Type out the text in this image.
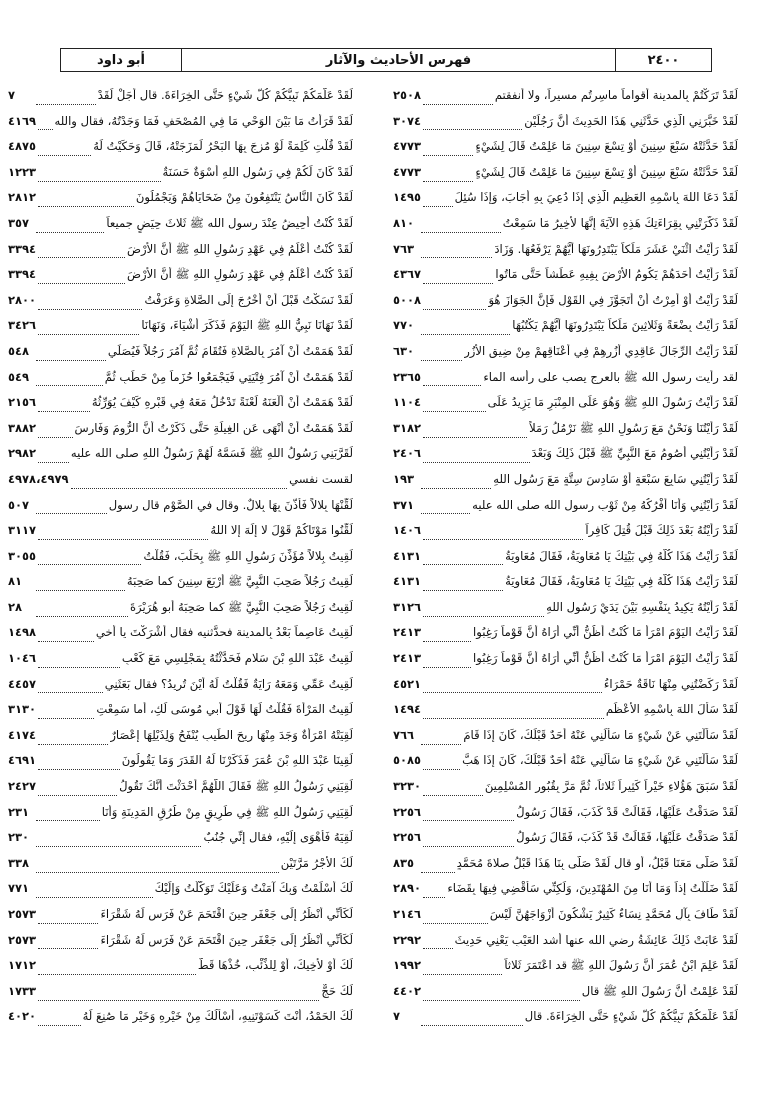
٢٤٠٠
فهرس الأحاديث والآثار
أبو داود
لَقَدْ تَرَكْتُمْ بِالمدينة أقواماً ماسِرتُم مسيراً، ولا أنفقتم
٢٥٠٨
لَقَدْ خَبَّرَنِي الَّذِي حَدَّثَنِي هَذَا الحَدِيثَ أَنَّ رَجُلَيْنِ
٣٠٧٤
لَقَدْ حَدَّثَتْهُ سَبْعَ سِنِينَ أَوْ تِسْعَ سِنِينَ مَا عَلِمْتُ قَالَ لِشَيْءٍ
٤٧٧٣
لَقَدْ حَدَّثَتْهُ سَبْعَ سِنِينَ أَوْ تِسْعَ سِنِينَ مَا عَلِمْتُ قَالَ لِشَيْءٍ
٤٧٧٣
لَقَدْ دَعَا اللهَ بِاسْمِهِ العَظِيمِ الَّذِي إِذَا دُعِيَ بِهِ أَجَابَ، وَإِذَا سُئِلَ
١٤٩٥
لَقَدْ ذَكَّرَتْنِي بِقِرَاءَتِكَ هَذِهِ الآيَةَ إِنَّهَا لأَخِيرُ مَا سَمِعْتُ
٨١٠
لَقَدْ رَأَيْتُ اثْنَيْ عَشَرَ مَلَكاً يَبْتَدِرُونَهَا أَيُّهُمْ يَرْفَعُهَا. وَزَادَ
٧٦٣
لَقَدْ رَأَيْتُ أَحَدَهُمْ يَكُومُ الأَرْضَ بِفِيهِ عَطَشاً حَتَّى مَاتُوا
٤٣٦٧
لَقَدْ رَأَيْتُ أَوْ أُمِرْتُ أَنْ أَتَجَوَّزَ فِي القَوْلِ فَإِنَّ الجَوَازَ هُوَ
٥٠٠٨
لَقَدْ رَأَيْتُ بِضْعَةً وَثَلاثِينَ مَلَكاً يَبْتَدِرُونَهَا أَيُّهُمْ يَكْتُبُهَا
٧٧٠
لَقَدْ رَأَيْتُ الرِّجَالَ عَاقِدِي أُزُرِهِمْ فِي أَعْنَاقِهِمْ مِنْ ضِيقِ الأُزُرِ
٦٣٠
لقد رأيت رسول الله ﷺ بالعرج يصب على رأسه الماء
٢٣٦٥
لَقَدْ رَأَيْتُ رَسُولَ اللهِ ﷺ وَهُوَ عَلَى المِنْبَرِ مَا يَزِيدُ عَلَى
١١٠٤
لَقَدْ رَأَيْتُنَا وَنَحْنُ مَعَ رَسُولِ اللهِ ﷺ نَرْمُلُ رَمَلاً
٣١٨٢
لَقَدْ رَأَيْتُنِي أَصُومُ مَعَ النَّبِيِّ ﷺ قَبْلَ ذَلِكَ وَبَعْدَ
٢٤٠٦
لَقَدْ رَأَيْتُنِي سَابِعَ سَبْعَةٍ أَوْ سَادِسَ سِتَّةٍ مَعَ رَسُولِ اللهِ
١٩٣
لَقَدْ رَأَيْتُنِي وَأَنَا أَفْرُكُهُ مِنْ ثَوْبِ رسول الله صلى الله عليه
٣٧١
لَقَدْ رَأَيْتُهُ بَعْدَ ذَلِكَ قَبْلَ قُتِلَ كَافِراً
١٤٠٦
لَقَدْ رَأَيْتُ هَذَا كُلَّهُ فِي بَيْتِكَ يَا مُعَاوِيَةُ، فَقَالَ مُعَاوِيَةُ
٤١٣١
لَقَدْ رَأَيْتُ هَذَا كُلَّهُ فِي بَيْتِكَ يَا مُعَاوِيَةُ، فَقَالَ مُعَاوِيَةُ
٤١٣١
لَقَدْ رَأَيْتُهُ يَكِيدُ بِنَفْسِهِ بَيْنَ يَدَيْ رَسُولِ اللهِ
٣١٢٦
لَقَدْ رَأَيْتُ اليَوْمَ امْرَأً مَا كُنْتُ أَظُنُّ أَنِّي أَرَاهُ أَنَّ قَوْماً رَغِبُوا
٢٤١٣
لَقَدْ رَأَيْتُ اليَوْمَ امْرَأً مَا كُنْتُ أَظُنُّ أَنِّي أَرَاهُ أَنَّ قَوْماً رَغِبُوا
٢٤١٣
لَقَدْ رَكَضْتُنِي مِنْهَا نَاقَةٌ حَمْرَاءُ
٤٥٢١
لَقَدْ سَأَلَ اللهَ بِاسْمِهِ الأَعْظَمِ
١٤٩٤
لَقَدْ سَأَلْتَنِي عَنْ شَيْءٍ مَا سَأَلَنِي عَنْهُ أَحَدٌ قَبْلَكَ، كَانَ إِذَا قَامَ
٧٦٦
لَقَدْ سَأَلْتَنِي عَنْ شَيْءٍ مَا سَأَلَنِي عَنْهُ أَحَدٌ قَبْلَكَ، كَانَ إِذَا هَبَّ
٥٠٨٥
لَقَدْ سَبَقَ هَؤُلاءِ خَيْراً كَثِيراً ثَلاثاً، ثُمَّ مَرَّ بِقُبُورِ المُسْلِمِينَ
٣٢٣٠
لَقَدْ صَدَقْتُ عَلَيْهَا، فَقَالَتْ قَدْ كَذَبَ، فَقَالَ رَسُولُ
٢٢٥٦
لَقَدْ صَدَقْتُ عَلَيْهَا، فَقَالَتْ قَدْ كَذَبَ، فَقَالَ رَسُولُ
٢٢٥٦
لَقَدْ صَلَّى مَعَنَا قَبْلُ، أو قال لَقَدْ صَلَّى بِنَا هَذَا قَبْلُ صلاةَ مُحَمَّدٍ
٨٣٥
لَقَدْ ضَلَلْتُ إِذاً وَمَا أَنَا مِنَ المُهْتَدِينَ، وَلَكِنِّي سَأَقْضِي فِيهَا بِقَضَاء
٢٨٩٠
لَقَدْ طَافَ بِآلِ مُحَمَّدٍ نِسَاءٌ كَثِيرٌ يَشْكُونَ أَزْوَاجَهُنَّ لَيْسَ
٢١٤٦
لَقَدْ عَابَتْ ذَلِكَ عَائِشَةُ رضي الله عنها أشد العَيْبِ يَعْنِي حَدِيثَ
٢٢٩٢
لَقَدْ عَلِمَ ابْنُ عُمَرَ أَنَّ رَسُولَ اللهِ ﷺ قد اعْتَمَرَ ثَلاثاً
١٩٩٢
لَقَدْ عَلِمْتُ أَنَّ رَسُولَ اللهِ ﷺ قال
٤٤٠٢
لَقَدْ عَلَّمَكُمْ نَبِيُّكُمْ كُلَّ شَيْءٍ حَتَّى الخِرَاءَةَ. قال
٧
لَقَدْ عَلَّمَكُمْ نَبِيُّكُمْ كُلَّ شَيْءٍ حَتَّى الخِرَاءَةَ. قال أَجَلْ لَقَدْ
٧
لَقَدْ قَرَأْتُ مَا بَيْنَ الوَحْيِ مَا فِي المُصْحَفِ فَمَا وَجَدْتُهُ، فقال والله
٤١٦٩
لَقَدْ قُلْتِ كَلِمَةً لَوْ مُزِجَ بِهَا البَحْرُ لَمَزَجَتْهُ، قَالَ وَحَكَيْتُ لَهُ
٤٨٧٥
لَقَدْ كَانَ لَكُمْ فِي رَسُولِ اللهِ أُسْوَةٌ حَسَنَةٌ
١٢٢٣
لَقَدْ كَانَ النَّاسُ يَنْتَفِعُونَ مِنْ ضَحَايَاهُمْ وَيَجْمُلُونَ
٢٨١٢
لَقَدْ كُنْتُ أَحِيضُ عِنْدَ رسول الله ﷺ ثَلاثَ حِيَضٍ جميعاً
٣٥٧
لَقَدْ كُنْتُ أَعْلَمُ فِي عَهْدِ رَسُولِ اللهِ ﷺ أَنَّ الأَرْضَ
٣٣٩٤
لَقَدْ كُنْتُ أَعْلَمُ فِي عَهْدِ رَسُولِ اللهِ ﷺ أَنَّ الأَرْضَ
٣٣٩٤
لَقَدْ نَسَكْتُ قَبْلَ أَنْ أَخْرُجَ إِلَى الصَّلاةِ وَعَرَفْتُ
٢٨٠٠
لَقَدْ نَهَانَا نَبِيُّ اللهِ ﷺ اليَوْمَ فَذَكَرَ أَشْيَاءَ، وَنَهَانَا
٣٤٢٦
لَقَدْ هَمَمْتُ أَنْ آمُرَ بِالصَّلاةِ فَتُقَامَ ثُمَّ آمُرَ رَجُلاً فَيُصَلِّي
٥٤٨
لَقَدْ هَمَمْتُ أَنْ آمُرَ فِتْيَتِي فَيَجْمَعُوا حُزَماً مِنْ حَطَبٍ ثُمَّ
٥٤٩
لَقَدْ هَمَمْتُ أَنْ أَلْعَنَهُ لَعْنَةً تَدْخُلُ مَعَهُ فِي قَبْرِهِ كَيْفَ يُوَرِّثُهُ
٢١٥٦
لَقَدْ هَمَمْتُ أَنْ أَنْهَى عَنِ الغِيلَةِ حَتَّى ذَكَرْتُ أَنَّ الرُّومَ وَفَارِسَ
٣٨٨٢
لَقَرَّبَنِي رَسُولُ اللهِ ﷺ فَسَمَّهُ لَهُمْ رَسُولُ اللهِ صلى الله عليه
٢٩٨٢
لقست نفسي
٤٩٧٨،٤٩٧٩
لَقِّنْهَا بِلالاً فَأَذَّنَ بِهَا بِلالٌ. وقال في الصَّوْمِ قال رسول
٥٠٧
لَقِّنُوا مَوْتَاكُمْ قَوْلَ لا إِلَهَ إِلا اللهُ
٣١١٧
لَقِيتُ بِلالاً مُؤَذِّنَ رَسُولِ اللهِ ﷺ بِحَلَبَ، فَقُلْتُ
٣٠٥٥
لَقِيتُ رَجُلاً صَحِبَ النَّبِيَّ ﷺ أَرْبَعَ سِنِينَ كما صَحِبَهُ
٨١
لَقِيتُ رَجُلاً صَحِبَ النَّبِيَّ ﷺ كما صَحِبَهُ أبو هُرَيْرَةَ
٢٨
لَقِيتُ عَاصِماً بَعْدُ بِالمدينة فحدَّثنيه فقال أَشْرَكْتَ يا أخي
١٤٩٨
لَقِيتُ عَبْدَ اللهِ بْنَ سَلامٍ فَحَدَّثْتُهُ بِمَجْلِسِي مَعَ كَعْبٍ
١٠٤٦
لَقِيتُ عَمِّي وَمَعَهُ رَايَةٌ فَقُلْتُ لَهُ أَيْنَ تُرِيدُ؟ فقال بَعَثَنِي
٤٤٥٧
لَقِيتُ المَرْأَةَ فَقُلْتُ لَهَا قَوْلَ أبي مُوسَى لَكِ، أما سَمِعْتِ
٣١٣٠
لَقِيَتْهُ امْرَأَةٌ وَجَدَ مِنْهَا رِيحَ الطِّيبِ يُنْفَحُ وَلِذَيْلِهَا إِعْصَارٌ
٤١٧٤
لَقِينَا عَبْدَ اللهِ بْنَ عُمَرَ فَذَكَرْنَا لَهُ القَدَرَ وَمَا يَقُولُونَ
٤٦٩١
لَقِيَنِي رَسُولُ اللهِ ﷺ فَقَالَ اللَّهُمَّ أَحْدَثْتَ أَنَّكَ تَقُولُ
٢٤٢٧
لَقِيَنِي رَسُولُ اللهِ ﷺ فِي طَرِيقٍ مِنْ طُرُقِ المَدِينَةِ وَأَنَا
٢٣١
لَقِيَهُ فَأَهْوَى إِلَيْهِ، فقال إِنِّي جُنُبٌ
٢٣٠
لَكَ الأَجْرُ مَرَّتَيْنِ
٣٣٨
لَكَ أَسْلَمْتُ وَبِكَ آمَنْتُ وَعَلَيْكَ تَوَكَّلْتُ وَإِلَيْكَ
٧٧١
لَكَأَنِّي أَنْظُرُ إِلَى جَعْفَرٍ حِينَ اقْتَحَمَ عَنْ فَرَسٍ لَهُ شَقْرَاءَ
٢٥٧٣
لَكَأَنِّي أَنْظُرُ إِلَى جَعْفَرٍ حِينَ اقْتَحَمَ عَنْ فَرَسٍ لَهُ شَقْرَاءَ
٢٥٧٣
لَكَ أَوْ لأَخِيكَ، أَوْ لِلذِّئْبِ، خُذْهَا قَطُّ
١٧١٢
لَكَ حَجٌّ
١٧٣٣
لَكَ الحَمْدُ، أَنْتَ كَسَوْتَنِيهِ، أَسْأَلُكَ مِنْ خَيْرِهِ وَخَيْرِ مَا صُنِعَ لَهُ
٤٠٢٠
